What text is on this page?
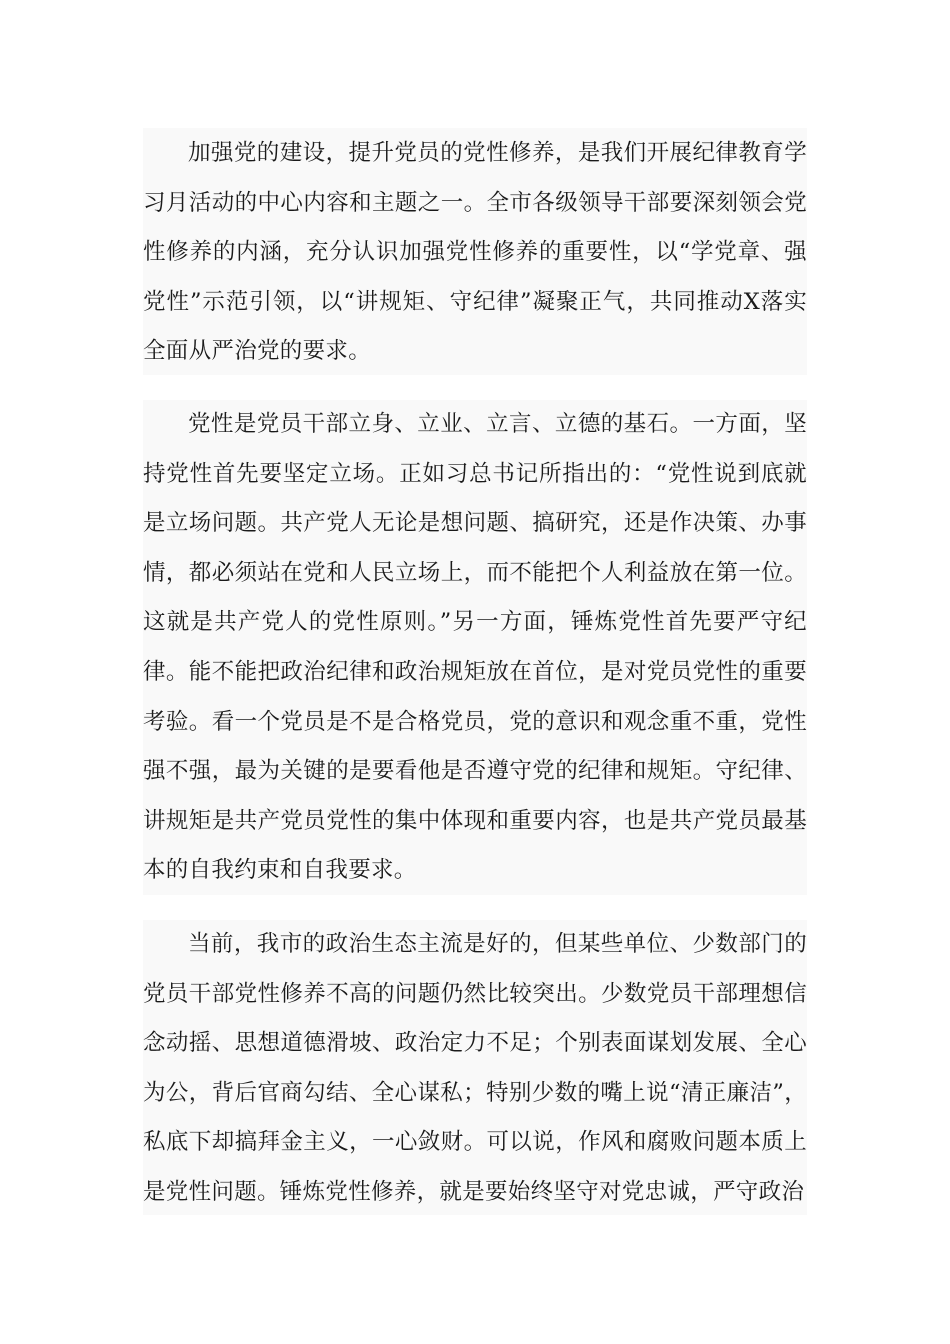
加强党的建设，提升党员的党性修养，是我们开展纪律教育学习月活动的中心内容和主题之一。全市各级领导干部要深刻领会党性修养的内涵，充分认识加强党性修养的重要性，以“学党章、强党性”示范引领，以“讲规矩、守纪律”凝聚正气，共同推动X落实全面从严治党的要求。

党性是党员干部立身、立业、立言、立德的基石。一方面，坚持党性首先要坚定立场。正如习总书记所指出的：“党性说到底就是立场问题。共产党人无论是想问题、搞研究，还是作决策、办事情，都必须站在党和人民立场上，而不能把个人利益放在第一位。这就是共产党人的党性原则。”另一方面，锤炼党性首先要严守纪律。能不能把政治纪律和政治规矩放在首位，是对党员党性的重要考验。看一个党员是不是合格党员，党的意识和观念重不重，党性强不强，最为关键的是要看他是否遵守党的纪律和规矩。守纪律、讲规矩是共产党员党性的集中体现和重要内容，也是共产党员最基本的自我约束和自我要求。

当前，我市的政治生态主流是好的，但某些单位、少数部门的党员干部党性修养不高的问题仍然比较突出。少数党员干部理想信念动摇、思想道德滑坡、政治定力不足；个别表面谋划发展、全心为公，背后官商勾结、全心谋私；特别少数的嘴上说“清正廉洁”，私底下却搞拜金主义，一心敛财。可以说，作风和腐败问题本质上是党性问题。锤炼党性修养，就是要始终坚守对党忠诚，严守政治
